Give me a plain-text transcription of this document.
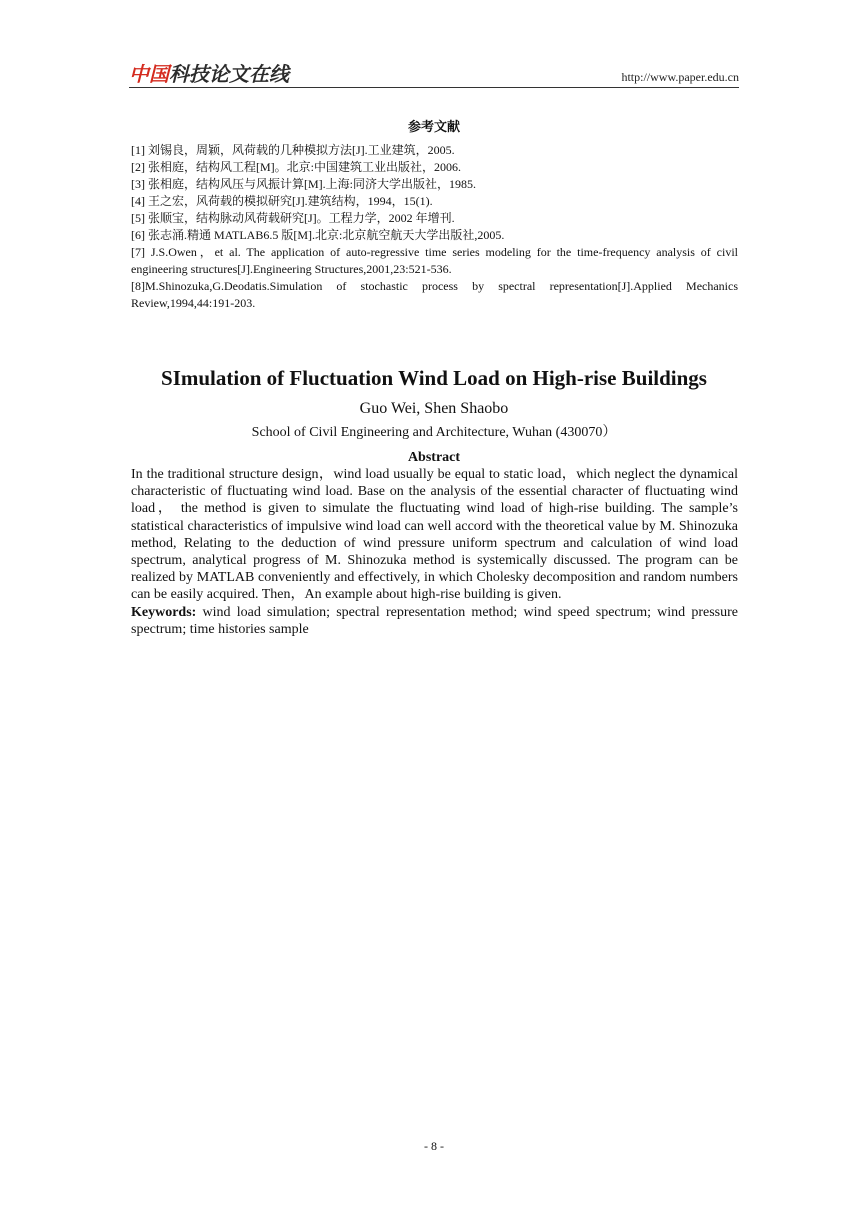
中国科技论文在线	http://www.paper.edu.cn
参考文献

[1] 刘锡良，周颖，风荷载的几种模拟方法[J].工业建筑，2005.

[2] 张相庭，结构风工程[M]。北京:中国建筑工业出版社，2006.

[3] 张相庭，结构风压与风振计算[M].上海:同济大学出版社，1985.

[4] 王之宏，风荷载的模拟研究[J].建筑结构，1994，15(1).

[5] 张顺宝，结构脉动风荷载研究[J]。工程力学，2002 年增刊.

[6] 张志涌.精通 MATLAB6.5 版[M].北京:北京航空航天大学出版社,2005.

[7] J.S.Owen，et al. The application of auto-regressive time series modeling for the time-frequency analysis of civil engineering structures[J].Engineering Structures,2001,23:521-536.

[8]M.Shinozuka,G.Deodatis.Simulation of stochastic process by spectral representation[J].Applied Mechanics Review,1994,44:191-203.

SImulation of Fluctuation Wind Load on High-rise Buildings
Guo Wei, Shen Shaobo
School of Civil Engineering and Architecture, Wuhan (430070）
Abstract

In the traditional structure design，wind load usually be equal to static load，which neglect the dynamical characteristic of fluctuating wind load. Base on the analysis of the essential character of fluctuating wind load， the method is given to simulate the fluctuating wind load of high-rise building. The sample’s statistical characteristics of impulsive wind load can well accord with the theoretical value by M. Shinozuka method, Relating to the deduction of wind pressure uniform spectrum and calculation of wind load spectrum, analytical progress of M. Shinozuka method is systemically discussed. The program can be realized by MATLAB conveniently and effectively, in which Cholesky decomposition and random numbers can be easily acquired. Then，An example about high-rise building is given.

Keywords: wind load simulation; spectral representation method; wind speed spectrum; wind pressure spectrum; time histories sample

- 8 -
